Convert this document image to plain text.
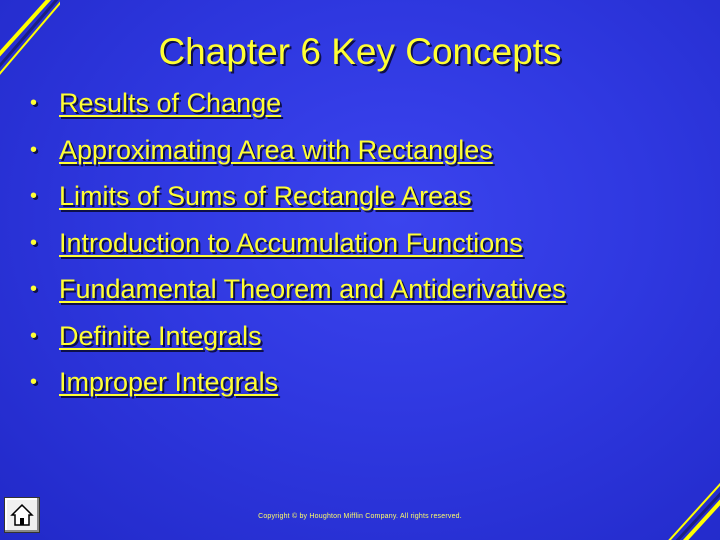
Chapter 6 Key Concepts
• Results of Change
• Approximating Area with Rectangles
• Limits of Sums of Rectangle Areas
• Introduction to Accumulation Functions
• Fundamental Theorem and Antiderivatives
• Definite Integrals
• Improper Integrals
Copyright © by Houghton Mifflin Company. All rights reserved.
